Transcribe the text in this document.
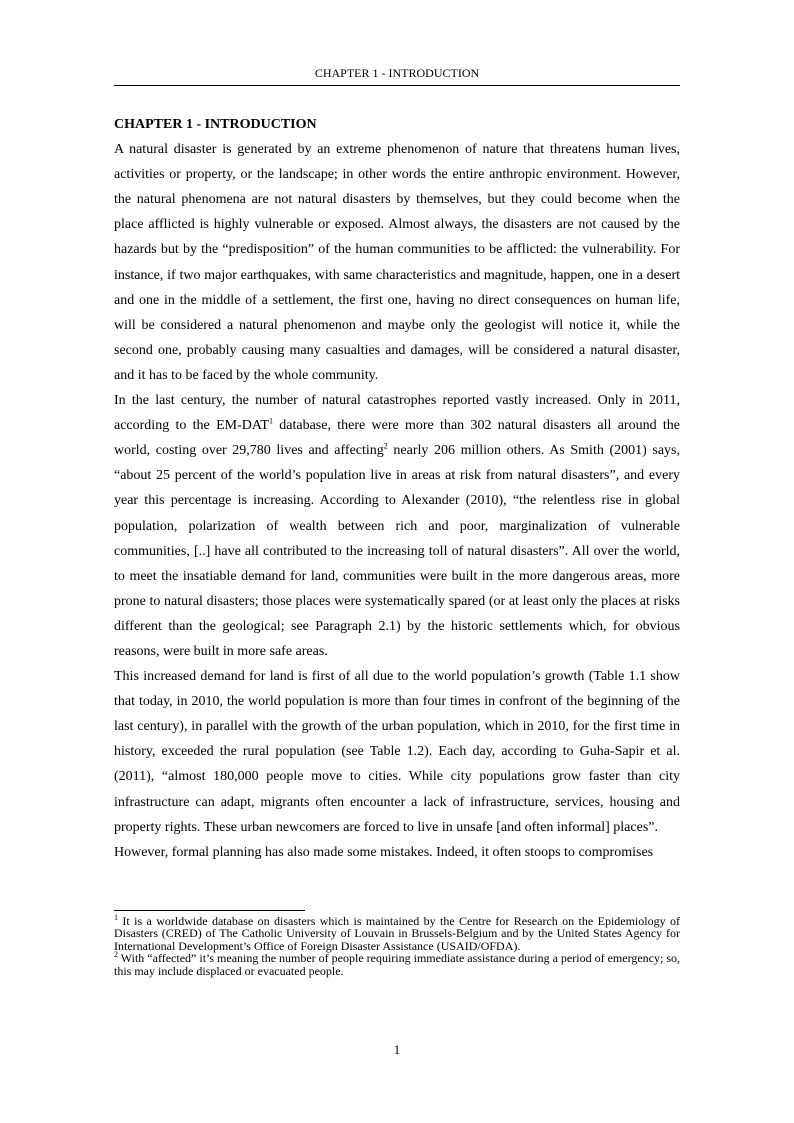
CHAPTER 1 - INTRODUCTION

CHAPTER 1 - INTRODUCTION

A natural disaster is generated by an extreme phenomenon of nature that threatens human lives, activities or property, or the landscape; in other words the entire anthropic environment. However, the natural phenomena are not natural disasters by themselves, but they could become when the place afflicted is highly vulnerable or exposed. Almost always, the disasters are not caused by the hazards but by the “predisposition” of the human communities to be afflicted: the vulnerability. For instance, if two major earthquakes, with same characteristics and magnitude, happen, one in a desert and one in the middle of a settlement, the first one, having no direct consequences on human life, will be considered a natural phenomenon and maybe only the geologist will notice it, while the second one, probably causing many casualties and damages, will be considered a natural disaster, and it has to be faced by the whole community.

In the last century, the number of natural catastrophes reported vastly increased. Only in 2011, according to the EM-DAT$^1$ database, there were more than 302 natural disasters all around the world, costing over 29,780 lives and affecting$^2$ nearly 206 million others. As Smith (2001) says, “about 25 percent of the world’s population live in areas at risk from natural disasters”, and every year this percentage is increasing. According to Alexander (2010), “the relentless rise in global population, polarization of wealth between rich and poor, marginalization of vulnerable communities, [..] have all contributed to the increasing toll of natural disasters”. All over the world, to meet the insatiable demand for land, communities were built in the more dangerous areas, more prone to natural disasters; those places were systematically spared (or at least only the places at risks different than the geological; see Paragraph 2.1) by the historic settlements which, for obvious reasons, were built in more safe areas.

This increased demand for land is first of all due to the world population’s growth (Table 1.1 show that today, in 2010, the world population is more than four times in confront of the beginning of the last century), in parallel with the growth of the urban population, which in 2010, for the first time in history, exceeded the rural population (see Table 1.2). Each day, according to Guha-Sapir et al. (2011), “almost 180,000 people move to cities. While city populations grow faster than city infrastructure can adapt, migrants often encounter a lack of infrastructure, services, housing and property rights. These urban newcomers are forced to live in unsafe [and often informal] places”.

However, formal planning has also made some mistakes. Indeed, it often stoops to compromises

$^1$ It is a worldwide database on disasters which is maintained by the Centre for Research on the Epidemiology of Disasters (CRED) of The Catholic University of Louvain in Brussels-Belgium and by the United States Agency for International Development’s Office of Foreign Disaster Assistance (USAID/OFDA).

$^2$ With “affected” it’s meaning the number of people requiring immediate assistance during a period of emergency; so, this may include displaced or evacuated people.

1
